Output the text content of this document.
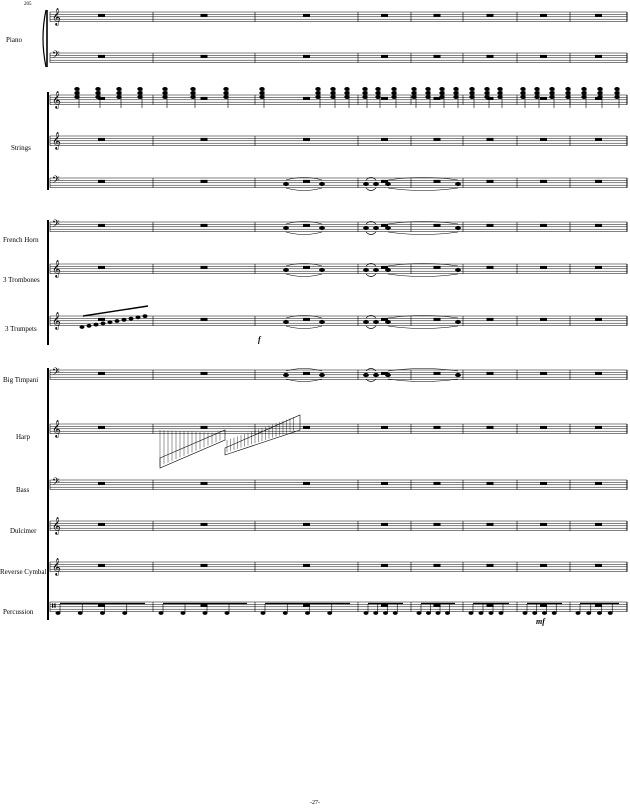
205
Piano
Strings
French Horn
3 Trombones
3 Trumpets
Big Timpani
Harp
Bass
Dulcimer
Reverse Cymbal
Percussion
f
mf
-27-
𝄞
𝄢
𝄞
𝄞
𝄢
𝄢
𝄞
𝄞
𝄢
𝄞
𝄢
𝄞
𝄞
𝄥
